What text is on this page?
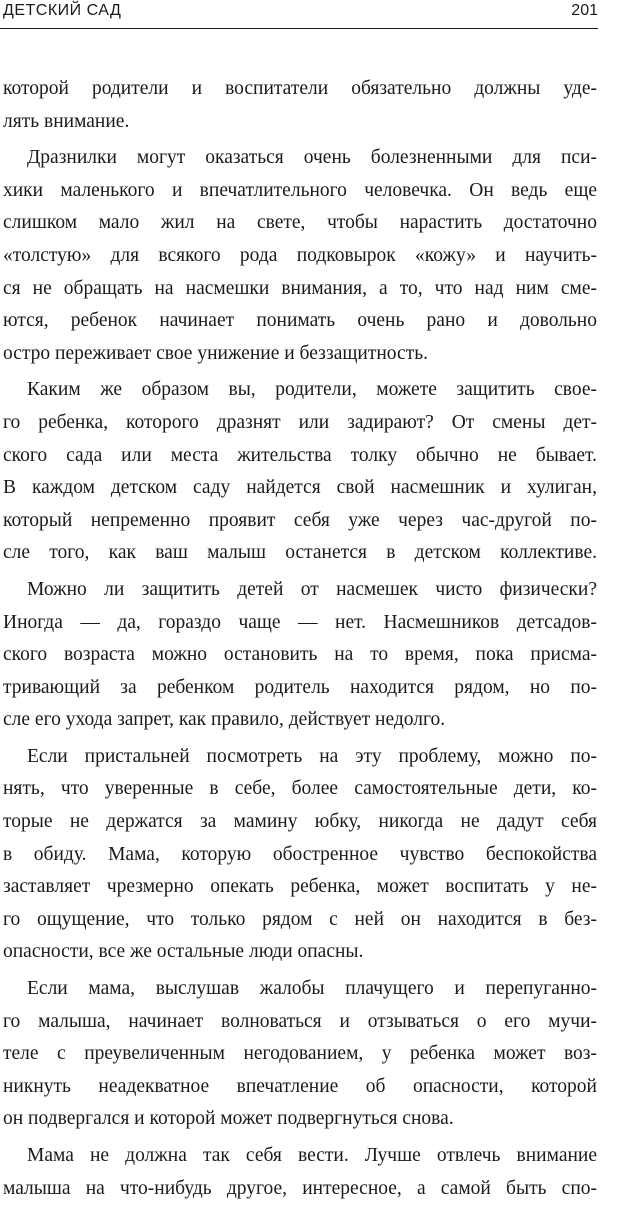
ДЕТСКИЙ САД	201
которой родители и воспитатели обязательно должны уде-
лять внимание.
Дразнилки могут оказаться очень болезненными для пси-
хики маленького и впечатлительного человечка. Он ведь еще
слишком мало жил на свете, чтобы нарастить достаточно
«толстую» для всякого рода подковырок «кожу» и научить-
ся не обращать на насмешки внимания, а то, что над ним сме-
ются, ребенок начинает понимать очень рано и довольно
остро переживает свое унижение и беззащитность.
Каким же образом вы, родители, можете защитить свое-
го ребенка, которого дразнят или задирают? От смены дет-
ского сада или места жительства толку обычно не бывает.
В каждом детском саду найдется свой насмешник и хулиган,
который непременно проявит себя уже через час-другой по-
сле того, как ваш малыш останется в детском коллективе.
Можно ли защитить детей от насмешек чисто физически?
Иногда — да, гораздо чаще — нет. Насмешников детсадов-
ского возраста можно остановить на то время, пока присма-
тривающий за ребенком родитель находится рядом, но по-
сле его ухода запрет, как правило, действует недолго.
Если пристальней посмотреть на эту проблему, можно по-
нять, что уверенные в себе, более самостоятельные дети, ко-
торые не держатся за мамину юбку, никогда не дадут себя
в обиду. Мама, которую обостренное чувство беспокойства
заставляет чрезмерно опекать ребенка, может воспитать у не-
го ощущение, что только рядом с ней он находится в без-
опасности, все же остальные люди опасны.
Если мама, выслушав жалобы плачущего и перепуганно-
го малыша, начинает волноваться и отзываться о его мучи-
теле с преувеличенным негодованием, у ребенка может воз-
никнуть неадекватное впечатление об опасности, которой
он подвергался и которой может подвергнуться снова.
Мама не должна так себя вести. Лучше отвлечь внимание
малыша на что-нибудь другое, интересное, а самой быть спо-
